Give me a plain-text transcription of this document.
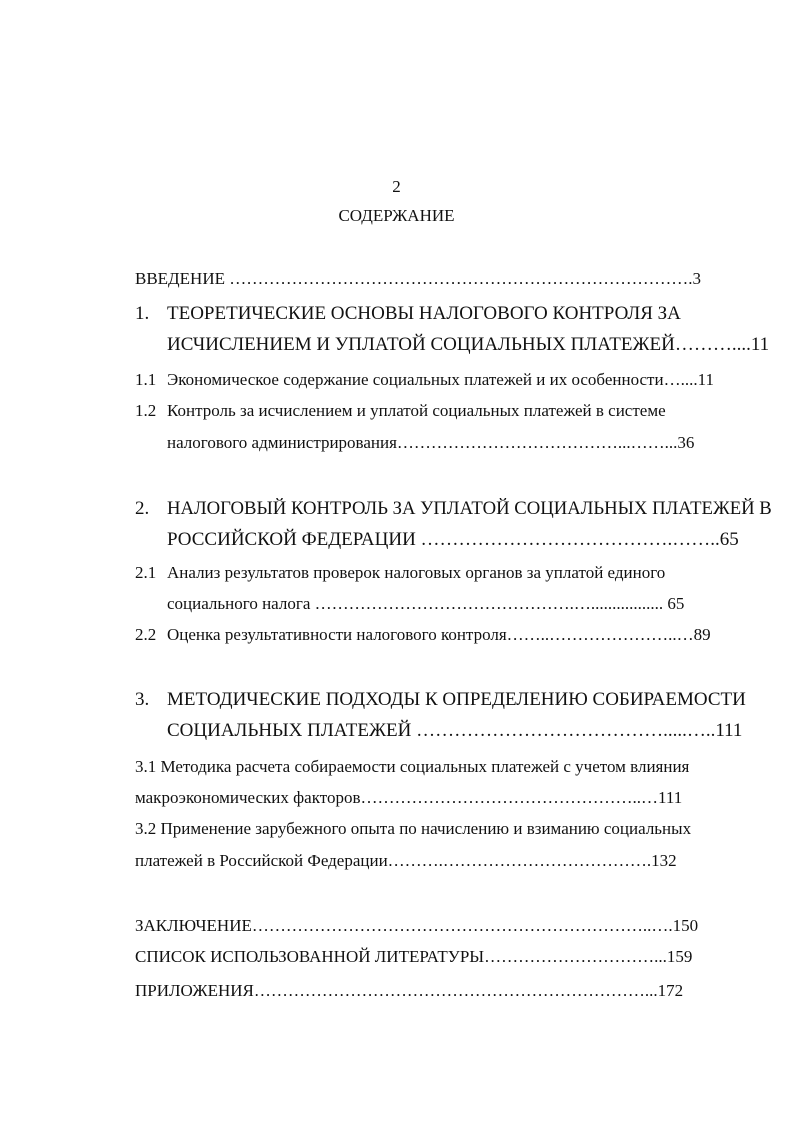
2
СОДЕРЖАНИЕ
ВВЕДЕНИЕ ……………………………………………………………………….3
1. ТЕОРЕТИЧЕСКИЕ ОСНОВЫ НАЛОГОВОГО КОНТРОЛЯ ЗА
ИСЧИСЛЕНИЕМ И УПЛАТОЙ СОЦИАЛЬНЫХ ПЛАТЕЖЕЙ………....11
1.1 Экономическое содержание социальных платежей и их особенности…....11
1.2 Контроль за исчислением и уплатой социальных платежей в системе
налогового администрирования…………………………………...……...36
2. НАЛОГОВЫЙ КОНТРОЛЬ ЗА УПЛАТОЙ СОЦИАЛЬНЫХ ПЛАТЕЖЕЙ В
РОССИЙСКОЙ ФЕДЕРАЦИИ ………………………………….……..65
2.1 Анализ результатов проверок налоговых органов за уплатой единого
социального налога ……………………………………….…................. 65
2.2 Оценка результативности налогового контроля……..…………………..…89
3. МЕТОДИЧЕСКИЕ ПОДХОДЫ К ОПРЕДЕЛЕНИЮ СОБИРАЕМОСТИ
СОЦИАЛЬНЫХ ПЛАТЕЖЕЙ ………………………………….....…..111
3.1 Методика расчета собираемости социальных платежей с учетом влияния
макроэкономических факторов…………………………………………..…111
3.2 Применение зарубежного опыта по начислению и взиманию социальных
платежей в Российской Федерации……….……………………………….132
ЗАКЛЮЧЕНИЕ……………………………………………………………..….150
СПИСОК ИСПОЛЬЗОВАННОЙ ЛИТЕРАТУРЫ…………………………...159
ПРИЛОЖЕНИЯ……………………………………………………………...172
